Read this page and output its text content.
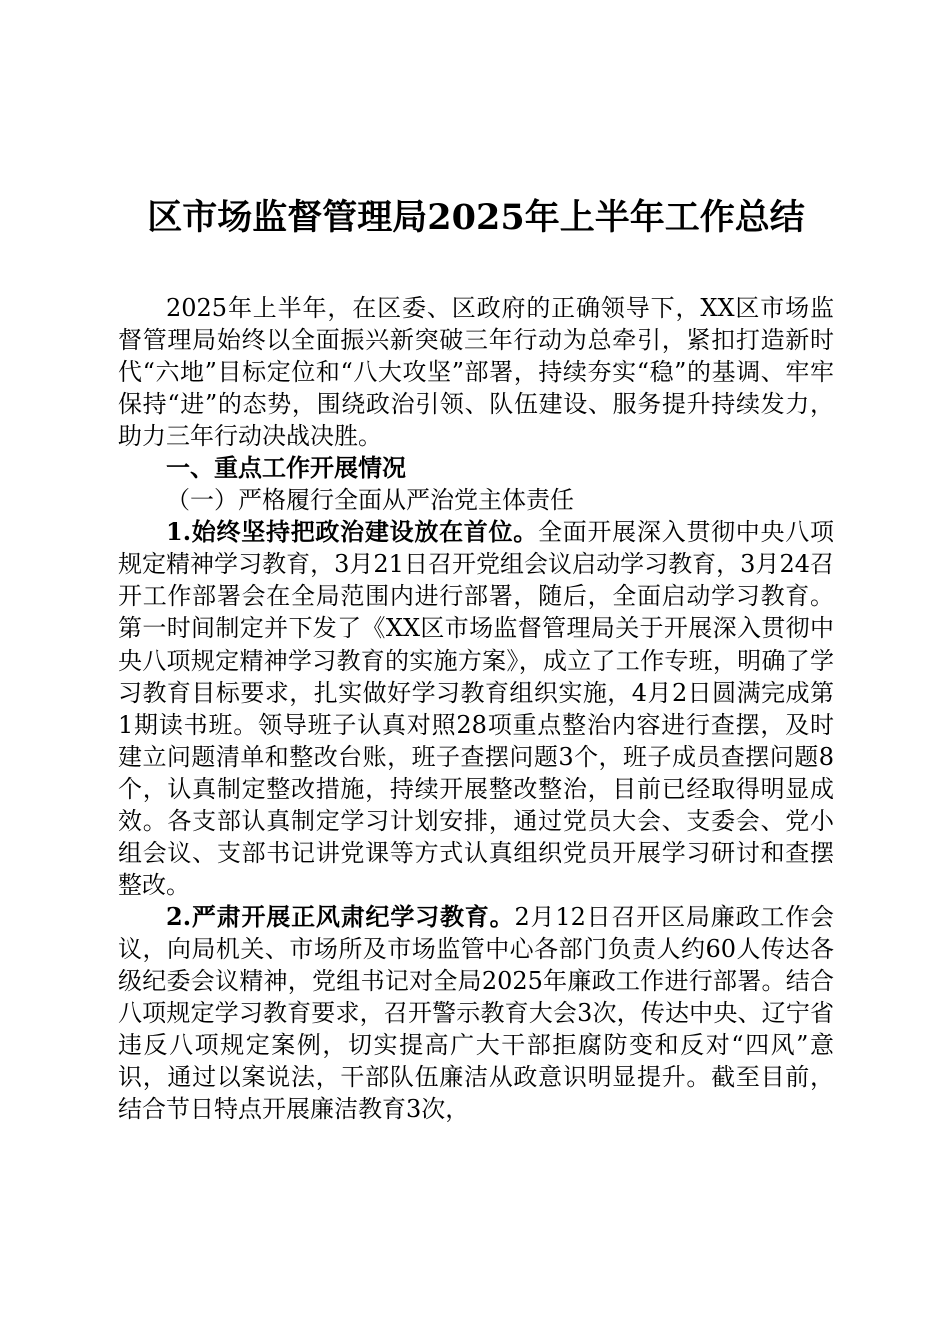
区市场监督管理局2025年上半年工作总结

2025年上半年，在区委、区政府的正确领导下，XX区市场监督管理局始终以全面振兴新突破三年行动为总牵引，紧扣打造新时代“六地”目标定位和“八大攻坚”部署，持续夯实“稳”的基调、牢牢保持“进”的态势，围绕政治引领、队伍建设、服务提升持续发力，助力三年行动决战决胜。

一、重点工作开展情况

（一）严格履行全面从严治党主体责任

1.始终坚持把政治建设放在首位。全面开展深入贯彻中央八项规定精神学习教育，3月21日召开党组会议启动学习教育，3月24召开工作部署会在全局范围内进行部署，随后，全面启动学习教育。第一时间制定并下发了《XX区市场监督管理局关于开展深入贯彻中央八项规定精神学习教育的实施方案》，成立了工作专班，明确了学习教育目标要求，扎实做好学习教育组织实施，4月2日圆满完成第1期读书班。领导班子认真对照28项重点整治内容进行查摆，及时建立问题清单和整改台账，班子查摆问题3个，班子成员查摆问题8个，认真制定整改措施，持续开展整改整治，目前已经取得明显成效。各支部认真制定学习计划安排，通过党员大会、支委会、党小组会议、支部书记讲党课等方式认真组织党员开展学习研讨和查摆整改。

2.严肃开展正风肃纪学习教育。2月12日召开区局廉政工作会议，向局机关、市场所及市场监管中心各部门负责人约60人传达各级纪委会议精神，党组书记对全局2025年廉政工作进行部署。结合八项规定学习教育要求，召开警示教育大会3次，传达中央、辽宁省违反八项规定案例，切实提高广大干部拒腐防变和反对“四风”意识，通过以案说法，干部队伍廉洁从政意识明显提升。截至目前，结合节日特点开展廉洁教育3次，
